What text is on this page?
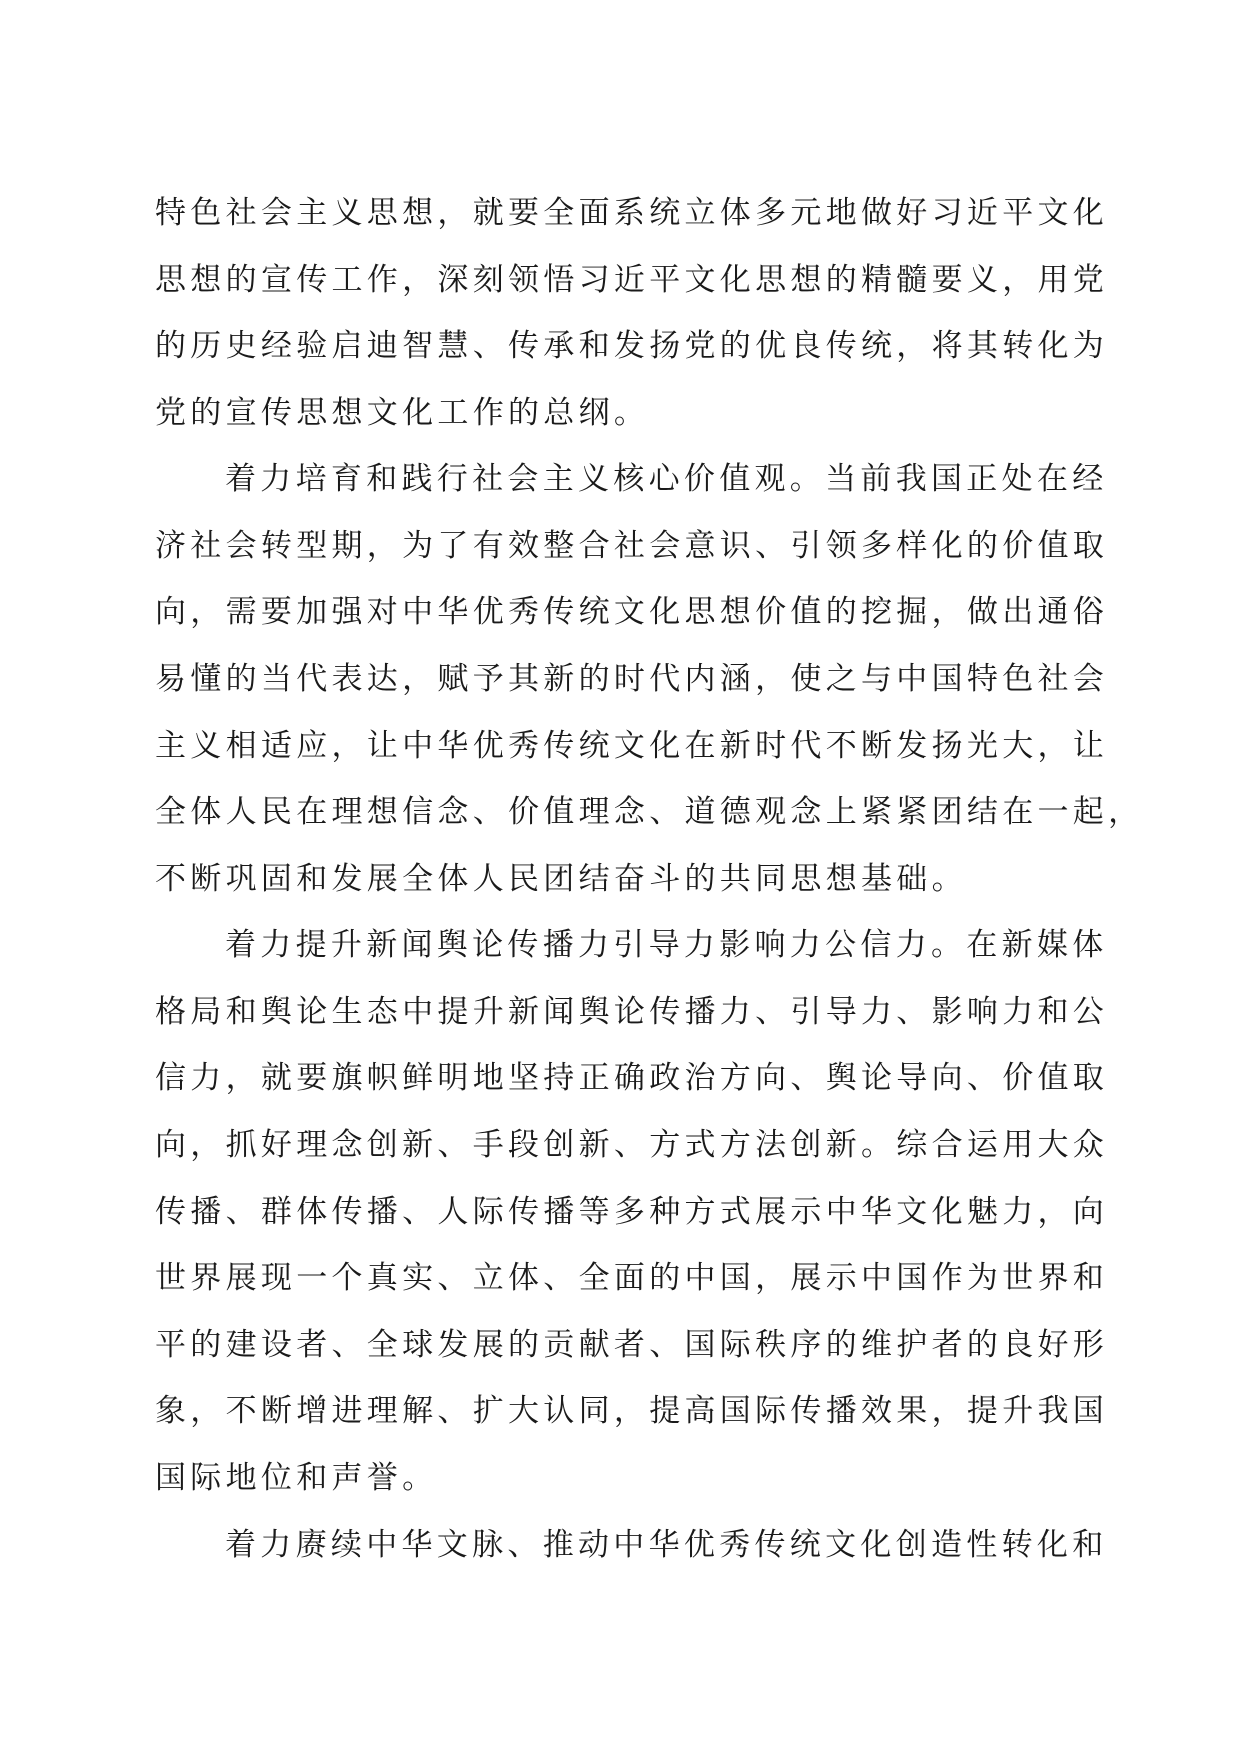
特色社会主义思想，就要全面系统立体多元地做好习近平文化
思想的宣传工作，深刻领悟习近平文化思想的精髓要义，用党
的历史经验启迪智慧、传承和发扬党的优良传统，将其转化为
党的宣传思想文化工作的总纲。
着力培育和践行社会主义核心价值观。当前我国正处在经
济社会转型期，为了有效整合社会意识、引领多样化的价值取
向，需要加强对中华优秀传统文化思想价值的挖掘，做出通俗
易懂的当代表达，赋予其新的时代内涵，使之与中国特色社会
主义相适应，让中华优秀传统文化在新时代不断发扬光大，让
全体人民在理想信念、价值理念、道德观念上紧紧团结在一起，
不断巩固和发展全体人民团结奋斗的共同思想基础。
着力提升新闻舆论传播力引导力影响力公信力。在新媒体
格局和舆论生态中提升新闻舆论传播力、引导力、影响力和公
信力，就要旗帜鲜明地坚持正确政治方向、舆论导向、价值取
向，抓好理念创新、手段创新、方式方法创新。综合运用大众
传播、群体传播、人际传播等多种方式展示中华文化魅力，向
世界展现一个真实、立体、全面的中国，展示中国作为世界和
平的建设者、全球发展的贡献者、国际秩序的维护者的良好形
象，不断增进理解、扩大认同，提高国际传播效果，提升我国
国际地位和声誉。
着力赓续中华文脉、推动中华优秀传统文化创造性转化和
